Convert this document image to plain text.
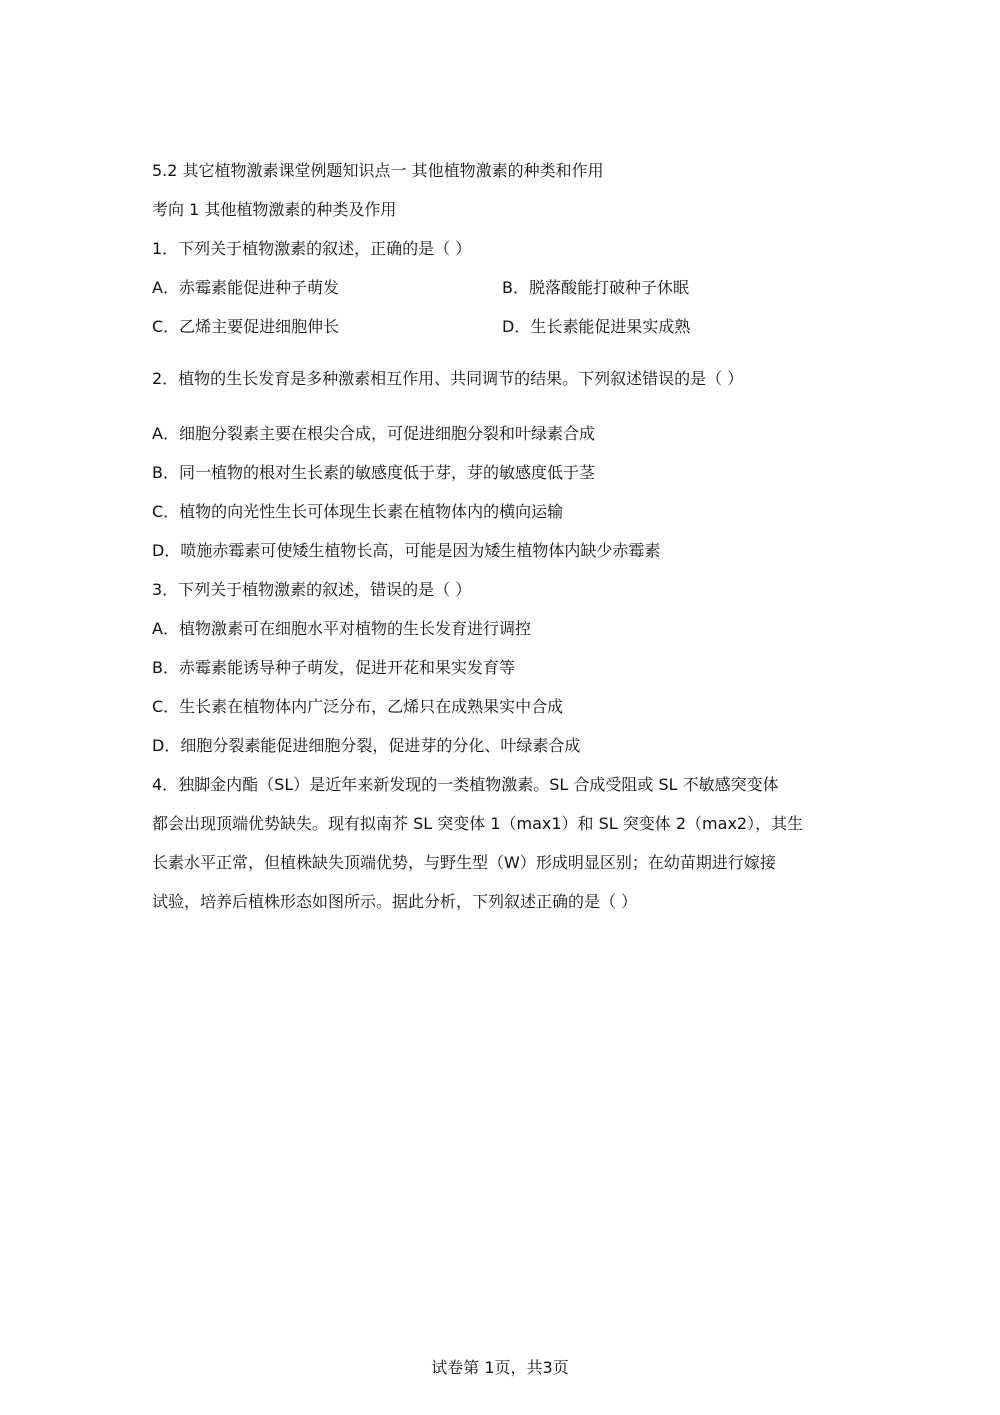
5.2 其它植物激素课堂例题知识点一 其他植物激素的种类和作用
考向 1 其他植物激素的种类及作用
1．下列关于植物激素的叙述，正确的是（ ）
A．赤霉素能促进种子萌发	B．脱落酸能打破种子休眠
C．乙烯主要促进细胞伸长	D．生长素能促进果实成熟
2．植物的生长发育是多种激素相互作用、共同调节的结果。下列叙述错误的是（ ）
A．细胞分裂素主要在根尖合成，可促进细胞分裂和叶绿素合成
B．同一植物的根对生长素的敏感度低于芽，芽的敏感度低于茎
C．植物的向光性生长可体现生长素在植物体内的横向运输
D．喷施赤霉素可使矮生植物长高，可能是因为矮生植物体内缺少赤霉素
3．下列关于植物激素的叙述，错误的是（ ）
A．植物激素可在细胞水平对植物的生长发育进行调控
B．赤霉素能诱导种子萌发，促进开花和果实发育等
C．生长素在植物体内广泛分布，乙烯只在成熟果实中合成
D．细胞分裂素能促进细胞分裂，促进芽的分化、叶绿素合成
4．独脚金内酯（SL）是近年来新发现的一类植物激素。SL 合成受阻或 SL 不敏感突变体
都会出现顶端优势缺失。现有拟南芥 SL 突变体 1（max1）和 SL 突变体 2（max2），其生
长素水平正常，但植株缺失顶端优势，与野生型（W）形成明显区别；在幼苗期进行嫁接
试验，培养后植株形态如图所示。据此分析，下列叙述正确的是（ ）
试卷第 1页，共3页
